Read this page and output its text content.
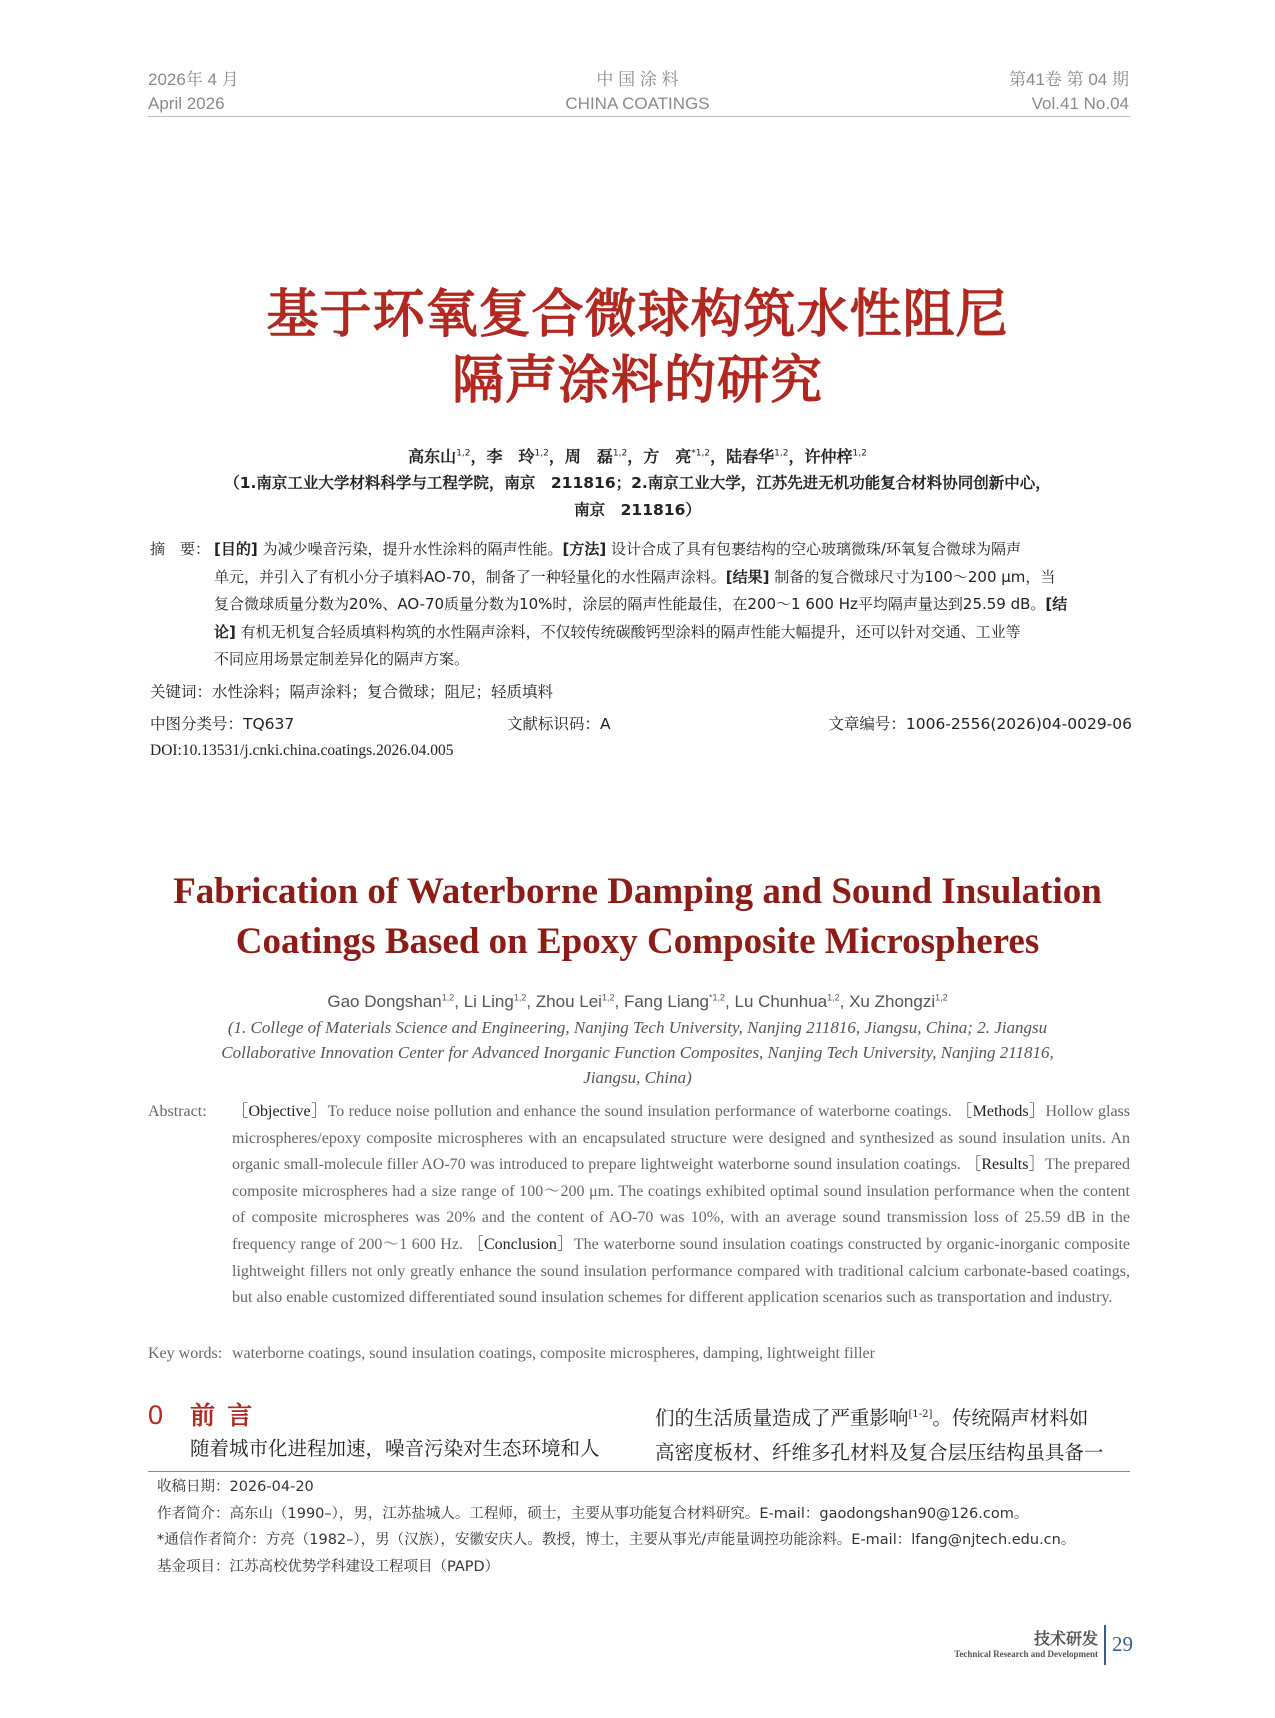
2026年 4 月
April 2026
中 国 涂 料
CHINA COATINGS
第41卷 第 04 期
Vol.41 No.04
基于环氧复合微球构筑水性阻尼
隔声涂料的研究
高东山$^{1,2}$，李　玲$^{1,2}$，周　磊$^{1,2}$，方　亮$^{*1,2}$，陆春华$^{1,2}$，许仲梓$^{1,2}$
（1.南京工业大学材料科学与工程学院，南京　211816；2.南京工业大学，江苏先进无机功能复合材料协同创新中心，
南京　211816）
摘　要： [目的] 为减少噪音污染，提升水性涂料的隔声性能。[方法] 设计合成了具有包裹结构的空心玻璃微珠/环氧复合微球为隔声
单元，并引入了有机小分子填料AO-70，制备了一种轻量化的水性隔声涂料。[结果] 制备的复合微球尺寸为100～200 μm，当
复合微球质量分数为20%、AO-70质量分数为10%时，涂层的隔声性能最佳，在200～1 600 Hz平均隔声量达到25.59 dB。[结
论] 有机无机复合轻质填料构筑的水性隔声涂料，不仅较传统碳酸钙型涂料的隔声性能大幅提升，还可以针对交通、工业等
不同应用场景定制差异化的隔声方案。
关键词：水性涂料；隔声涂料；复合微球；阻尼；轻质填料
中图分类号：TQ637	文献标识码：A	文章编号：1006-2556(2026)04-0029-06
DOI:10.13531/j.cnki.china.coatings.2026.04.005
Fabrication of Waterborne Damping and Sound Insulation
Coatings Based on Epoxy Composite Microspheres
Gao Dongshan$^{1,2}$, Li Ling$^{1,2}$, Zhou Lei$^{1,2}$, Fang Liang$^{*1,2}$, Lu Chunhua$^{1,2}$, Xu Zhongzi$^{1,2}$
(1. College of Materials Science and Engineering, Nanjing Tech University, Nanjing 211816, Jiangsu, China; 2. Jiangsu
Collaborative Innovation Center for Advanced Inorganic Function Composites, Nanjing Tech University, Nanjing 211816,
Jiangsu, China)
Abstract: ［Objective］To reduce noise pollution and enhance the sound insulation performance of waterborne coatings. ［Methods］Hollow glass microspheres/epoxy composite microspheres with an encapsulated structure were designed and synthesized as sound insulation units. An organic small-molecule filler AO-70 was introduced to prepare lightweight waterborne sound insulation coatings. ［Results］The prepared composite microspheres had a size range of 100～200 μm. The coatings exhibited optimal sound insulation performance when the content of composite microspheres was 20% and the content of AO-70 was 10%, with an average sound transmission loss of 25.59 dB in the frequency range of 200～1 600 Hz. ［Conclusion］The waterborne sound insulation coatings constructed by organic-inorganic composite lightweight fillers not only greatly enhance the sound insulation performance compared with traditional calcium carbonate-based coatings, but also enable customized differentiated sound insulation schemes for different application scenarios such as transportation and industry.
Key words: waterborne coatings, sound insulation coatings, composite microspheres, damping, lightweight filler
0 前言
随着城市化进程加速，噪音污染对生态环境和人
们的生活质量造成了严重影响[1-2]。传统隔声材料如
高密度板材、纤维多孔材料及复合层压结构虽具备一
收稿日期：2026-04-20
作者简介：高东山（1990–），男，江苏盐城人。工程师，硕士，主要从事功能复合材料研究。E-mail：gaodongshan90@126.com。
*通信作者简介：方亮（1982–），男（汉族），安徽安庆人。教授，博士，主要从事光/声能量调控功能涂料。E-mail：lfang@njtech.edu.cn。
基金项目：江苏高校优势学科建设工程项目（PAPD）
技术研发
Technical Research and Development 29
